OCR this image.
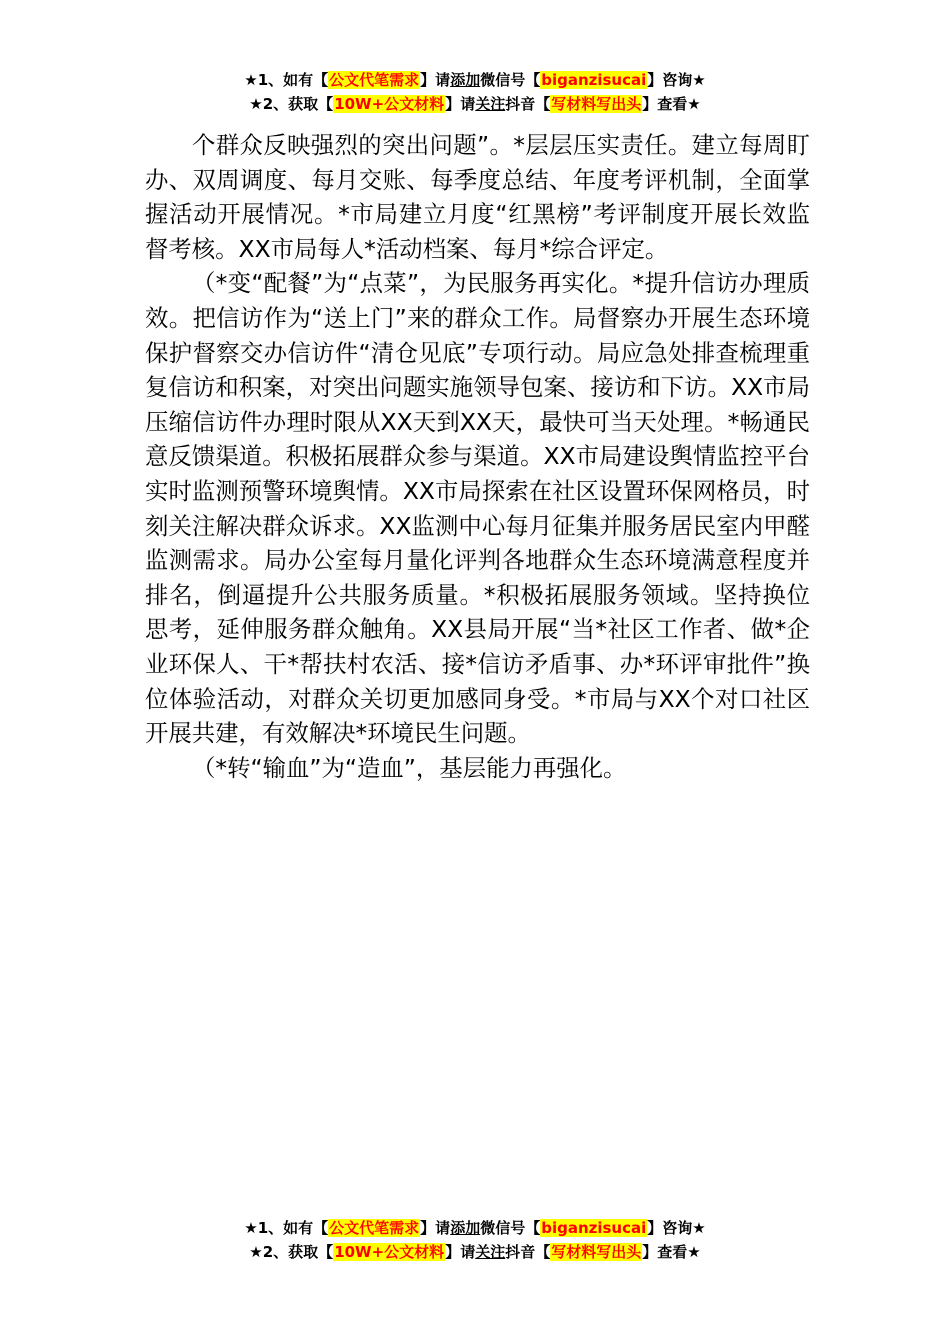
★1、如有【公文代笔需求】请添加微信号【biganzisucai】咨询★
★2、获取【10W+公文材料】请关注抖音【写材料写出头】查看★

个群众反映强烈的突出问题”。*层层压实责任。建立每周盯办、双周调度、每月交账、每季度总结、年度考评机制，全面掌握活动开展情况。*市局建立月度“红黑榜”考评制度开展长效监督考核。XX市局每人*活动档案、每月*综合评定。

（*变“配餐”为“点菜”，为民服务再实化。*提升信访办理质效。把信访作为“送上门”来的群众工作。局督察办开展生态环境保护督察交办信访件“清仓见底”专项行动。局应急处排查梳理重复信访和积案，对突出问题实施领导包案、接访和下访。XX市局压缩信访件办理时限从XX天到XX天，最快可当天处理。*畅通民意反馈渠道。积极拓展群众参与渠道。XX市局建设舆情监控平台实时监测预警环境舆情。XX市局探索在社区设置环保网格员，时刻关注解决群众诉求。XX监测中心每月征集并服务居民室内甲醛监测需求。局办公室每月量化评判各地群众生态环境满意程度并排名，倒逼提升公共服务质量。*积极拓展服务领域。坚持换位思考，延伸服务群众触角。XX县局开展“当*社区工作者、做*企业环保人、干*帮扶村农活、接*信访矛盾事、办*环评审批件”换位体验活动，对群众关切更加感同身受。*市局与XX个对口社区开展共建，有效解决*环境民生问题。

（*转“输血”为“造血”，基层能力再强化。

★1、如有【公文代笔需求】请添加微信号【biganzisucai】咨询★
★2、获取【10W+公文材料】请关注抖音【写材料写出头】查看★
